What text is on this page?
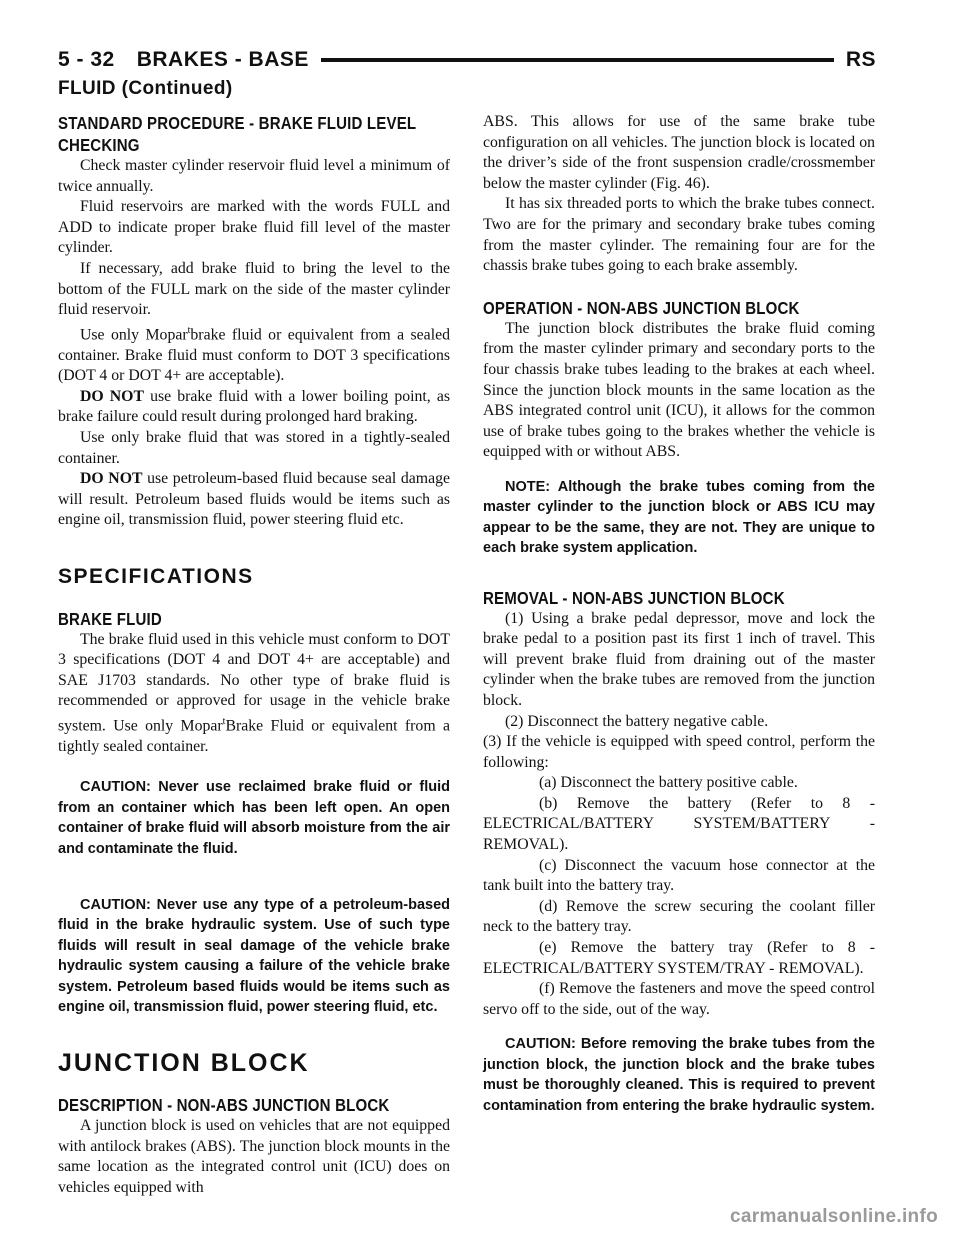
5 - 32 BRAKES - BASE	RS
FLUID (Continued)
STANDARD PROCEDURE - BRAKE FLUID LEVEL CHECKING

Check master cylinder reservoir fluid level a minimum of twice annually.

Fluid reservoirs are marked with the words FULL and ADD to indicate proper brake fluid fill level of the master cylinder.

If necessary, add brake fluid to bring the level to the bottom of the FULL mark on the side of the master cylinder fluid reservoir.

Use only Mopar$^t$brake fluid or equivalent from a sealed container. Brake fluid must conform to DOT 3 specifications (DOT 4 or DOT 4+ are acceptable).

DO NOT use brake fluid with a lower boiling point, as brake failure could result during prolonged hard braking.

Use only brake fluid that was stored in a tightly-sealed container.

DO NOT use petroleum-based fluid because seal damage will result. Petroleum based fluids would be items such as engine oil, transmission fluid, power steering fluid etc.

SPECIFICATIONS
BRAKE FLUID

The brake fluid used in this vehicle must conform to DOT 3 specifications (DOT 4 and DOT 4+ are acceptable) and SAE J1703 standards. No other type of brake fluid is recommended or approved for usage in the vehicle brake system. Use only Mopar$^t$Brake Fluid or equivalent from a tightly sealed container.

CAUTION: Never use reclaimed brake fluid or fluid from an container which has been left open. An open container of brake fluid will absorb moisture from the air and contaminate the fluid.

CAUTION: Never use any type of a petroleum-based fluid in the brake hydraulic system. Use of such type fluids will result in seal damage of the vehicle brake hydraulic system causing a failure of the vehicle brake system. Petroleum based fluids would be items such as engine oil, transmission fluid, power steering fluid, etc.

JUNCTION BLOCK
DESCRIPTION - NON-ABS JUNCTION BLOCK

A junction block is used on vehicles that are not equipped with antilock brakes (ABS). The junction block mounts in the same location as the integrated control unit (ICU) does on vehicles equipped with

ABS. This allows for use of the same brake tube configuration on all vehicles. The junction block is located on the driver’s side of the front suspension cradle/crossmember below the master cylinder (Fig. 46).

It has six threaded ports to which the brake tubes connect. Two are for the primary and secondary brake tubes coming from the master cylinder. The remaining four are for the chassis brake tubes going to each brake assembly.

OPERATION - NON-ABS JUNCTION BLOCK

The junction block distributes the brake fluid coming from the master cylinder primary and secondary ports to the four chassis brake tubes leading to the brakes at each wheel. Since the junction block mounts in the same location as the ABS integrated control unit (ICU), it allows for the common use of brake tubes going to the brakes whether the vehicle is equipped with or without ABS.

NOTE: Although the brake tubes coming from the master cylinder to the junction block or ABS ICU may appear to be the same, they are not. They are unique to each brake system application.

REMOVAL - NON-ABS JUNCTION BLOCK

(1) Using a brake pedal depressor, move and lock the brake pedal to a position past its first 1 inch of travel. This will prevent brake fluid from draining out of the master cylinder when the brake tubes are removed from the junction block.

(2) Disconnect the battery negative cable.

(3) If the vehicle is equipped with speed control, perform the following:

(a) Disconnect the battery positive cable.

(b) Remove the battery (Refer to 8 - ELECTRICAL/BATTERY SYSTEM/BATTERY - REMOVAL).

(c) Disconnect the vacuum hose connector at the tank built into the battery tray.

(d) Remove the screw securing the coolant filler neck to the battery tray.

(e) Remove the battery tray (Refer to 8 - ELECTRICAL/BATTERY SYSTEM/TRAY - REMOVAL).

(f) Remove the fasteners and move the speed control servo off to the side, out of the way.

CAUTION: Before removing the brake tubes from the junction block, the junction block and the brake tubes must be thoroughly cleaned. This is required to prevent contamination from entering the brake hydraulic system.

carmanualsonline.info
